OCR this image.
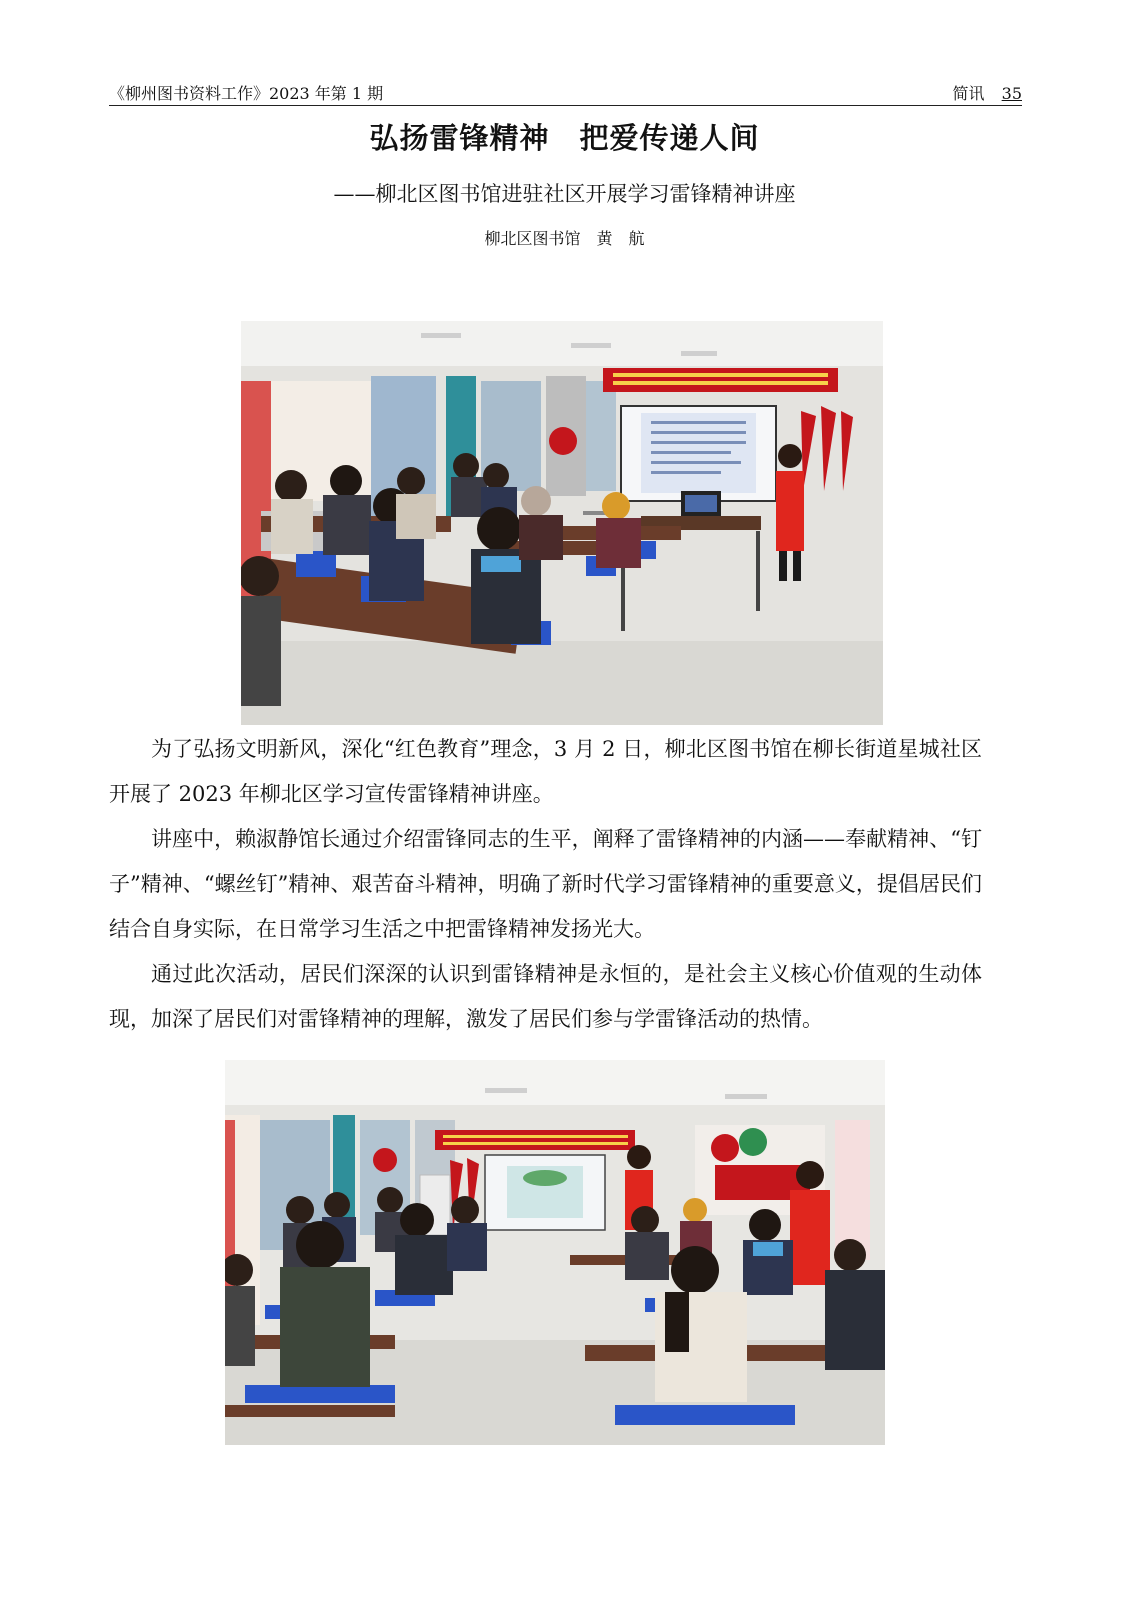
《柳州图书资料工作》2023 年第 1 期	简讯 35
弘扬雷锋精神　把爱传递人间
——柳北区图书馆进驻社区开展学习雷锋精神讲座
柳北区图书馆　黄　航

为了弘扬文明新风，深化“红色教育”理念，3 月 2 日，柳北区图书馆在柳长街道星城社区开展了 2023 年柳北区学习宣传雷锋精神讲座。

讲座中，赖淑静馆长通过介绍雷锋同志的生平，阐释了雷锋精神的内涵——奉献精神、“钉子”精神、“螺丝钉”精神、艰苦奋斗精神，明确了新时代学习雷锋精神的重要意义，提倡居民们结合自身实际，在日常学习生活之中把雷锋精神发扬光大。

通过此次活动，居民们深深的认识到雷锋精神是永恒的，是社会主义核心价值观的生动体现，加深了居民们对雷锋精神的理解，激发了居民们参与学雷锋活动的热情。
